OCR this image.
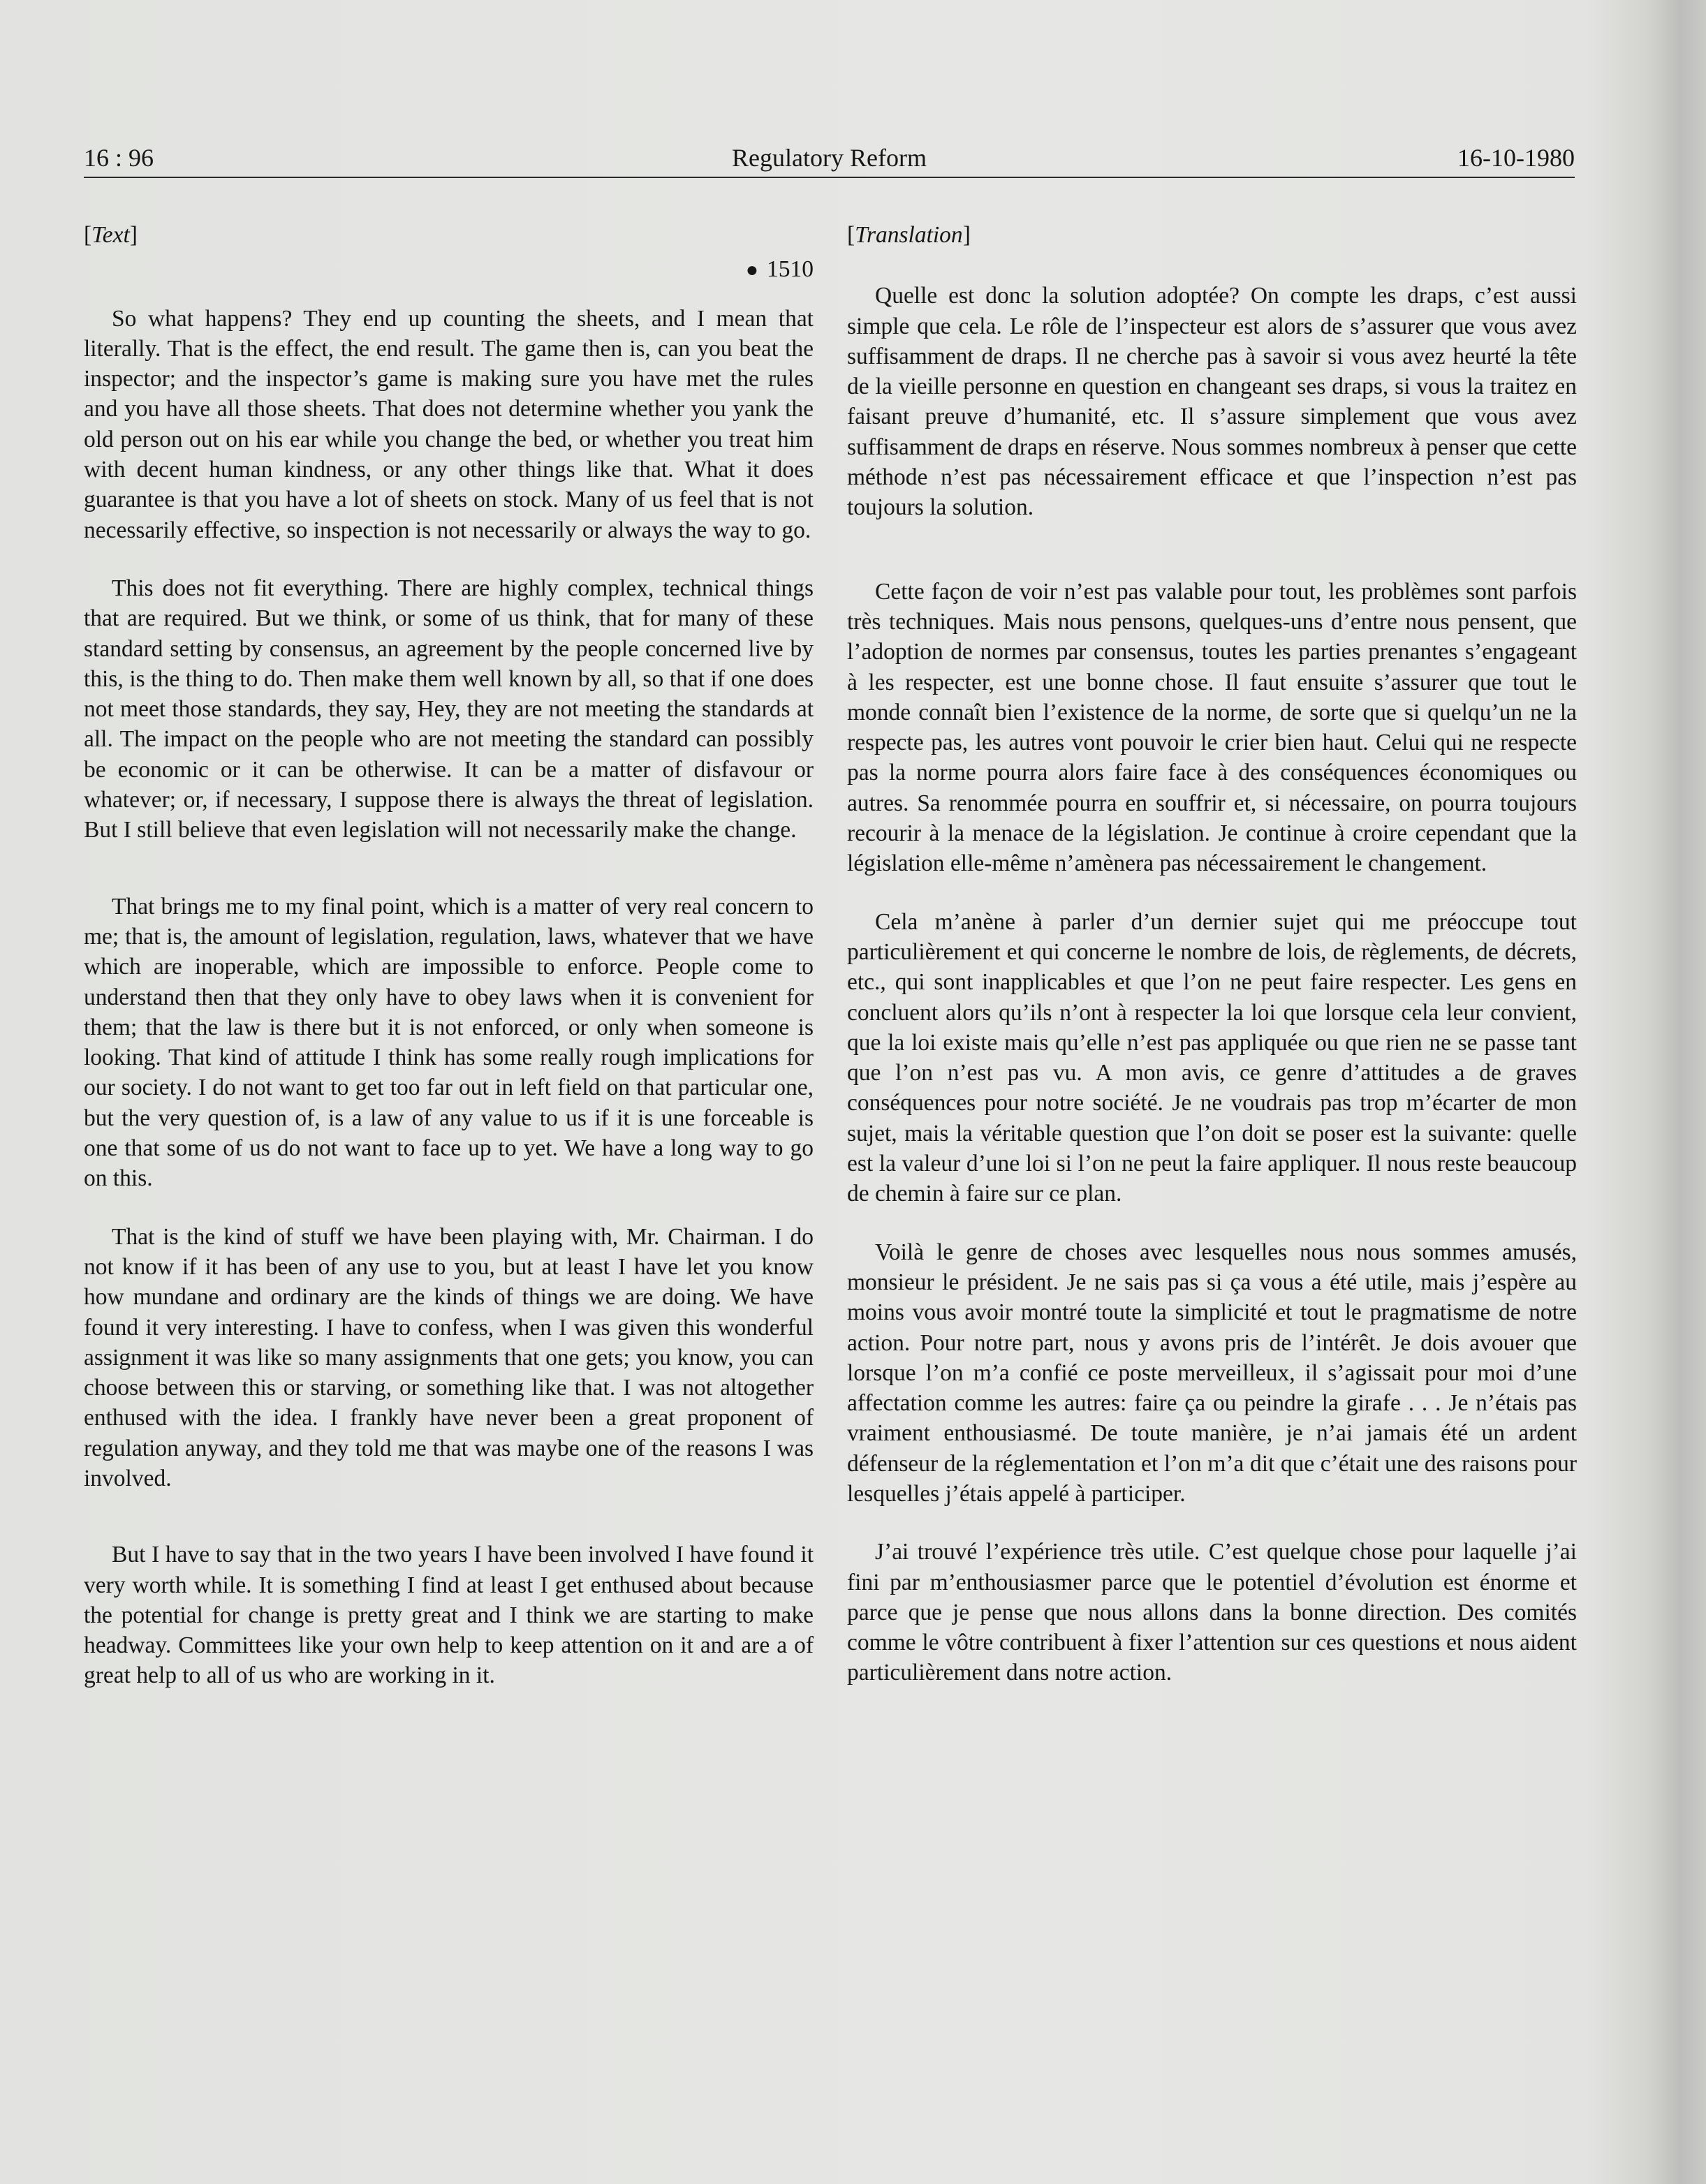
16 : 96	Regulatory Reform	16-10-1980
[Text]
● 1510

So what happens? They end up counting the sheets, and I mean that literally. That is the effect, the end result. The game then is, can you beat the inspector; and the inspector’s game is making sure you have met the rules and you have all those sheets. That does not determine whether you yank the old person out on his ear while you change the bed, or whether you treat him with decent human kindness, or any other things like that. What it does guarantee is that you have a lot of sheets on stock. Many of us feel that is not necessarily effective, so inspection is not necessarily or always the way to go.

This does not fit everything. There are highly complex, technical things that are required. But we think, or some of us think, that for many of these standard setting by consensus, an agreement by the people concerned live by this, is the thing to do. Then make them well known by all, so that if one does not meet those standards, they say, Hey, they are not meeting the standards at all. The impact on the people who are not meeting the standard can possibly be economic or it can be otherwise. It can be a matter of disfavour or whatever; or, if necessary, I suppose there is always the threat of legislation. But I still believe that even legislation will not necessarily make the change.

That brings me to my final point, which is a matter of very real concern to me; that is, the amount of legislation, regulation, laws, whatever that we have which are inoperable, which are impossible to enforce. People come to understand then that they only have to obey laws when it is convenient for them; that the law is there but it is not enforced, or only when someone is looking. That kind of attitude I think has some really rough implications for our society. I do not want to get too far out in left field on that particular one, but the very question of, is a law of any value to us if it is une forceable is one that some of us do not want to face up to yet. We have a long way to go on this.

That is the kind of stuff we have been playing with, Mr. Chairman. I do not know if it has been of any use to you, but at least I have let you know how mundane and ordinary are the kinds of things we are doing. We have found it very interesting. I have to confess, when I was given this wonderful assignment it was like so many assignments that one gets; you know, you can choose between this or starving, or something like that. I was not altogether enthused with the idea. I frankly have never been a great proponent of regulation anyway, and they told me that was maybe one of the reasons I was involved.

But I have to say that in the two years I have been involved I have found it very worth while. It is something I find at least I get enthused about because the potential for change is pretty great and I think we are starting to make headway. Committees like your own help to keep attention on it and are a of great help to all of us who are working in it.

[Translation]

Quelle est donc la solution adoptée? On compte les draps, c’est aussi simple que cela. Le rôle de l’inspecteur est alors de s’assurer que vous avez suffisamment de draps. Il ne cherche pas à savoir si vous avez heurté la tête de la vieille personne en question en changeant ses draps, si vous la traitez en faisant preuve d’humanité, etc. Il s’assure simplement que vous avez suffisamment de draps en réserve. Nous sommes nombreux à penser que cette méthode n’est pas nécessairement efficace et que l’inspection n’est pas toujours la solution.

Cette façon de voir n’est pas valable pour tout, les problèmes sont parfois très techniques. Mais nous pensons, quelques-uns d’entre nous pensent, que l’adoption de normes par consensus, toutes les parties prenantes s’engageant à les respecter, est une bonne chose. Il faut ensuite s’assurer que tout le monde connaît bien l’existence de la norme, de sorte que si quelqu’un ne la respecte pas, les autres vont pouvoir le crier bien haut. Celui qui ne respecte pas la norme pourra alors faire face à des conséquences économiques ou autres. Sa renommée pourra en souffrir et, si nécessaire, on pourra toujours recourir à la menace de la législation. Je continue à croire cependant que la législation elle-même n’amènera pas nécessairement le changement.

Cela m’anène à parler d’un dernier sujet qui me préoccupe tout particulièrement et qui concerne le nombre de lois, de règlements, de décrets, etc., qui sont inapplicables et que l’on ne peut faire respecter. Les gens en concluent alors qu’ils n’ont à respecter la loi que lorsque cela leur convient, que la loi existe mais qu’elle n’est pas appliquée ou que rien ne se passe tant que l’on n’est pas vu. A mon avis, ce genre d’attitudes a de graves conséquences pour notre société. Je ne voudrais pas trop m’écarter de mon sujet, mais la véritable question que l’on doit se poser est la suivante: quelle est la valeur d’une loi si l’on ne peut la faire appliquer. Il nous reste beaucoup de chemin à faire sur ce plan.

Voilà le genre de choses avec lesquelles nous nous sommes amusés, monsieur le président. Je ne sais pas si ça vous a été utile, mais j’espère au moins vous avoir montré toute la simplicité et tout le pragmatisme de notre action. Pour notre part, nous y avons pris de l’intérêt. Je dois avouer que lorsque l’on m’a confié ce poste merveilleux, il s’agissait pour moi d’une affectation comme les autres: faire ça ou peindre la girafe . . . Je n’étais pas vraiment enthousiasmé. De toute manière, je n’ai jamais été un ardent défenseur de la réglementation et l’on m’a dit que c’était une des raisons pour lesquelles j’étais appelé à participer.

J’ai trouvé l’expérience très utile. C’est quelque chose pour laquelle j’ai fini par m’enthousiasmer parce que le potentiel d’évolution est énorme et parce que je pense que nous allons dans la bonne direction. Des comités comme le vôtre contribuent à fixer l’attention sur ces questions et nous aident particulièrement dans notre action.
